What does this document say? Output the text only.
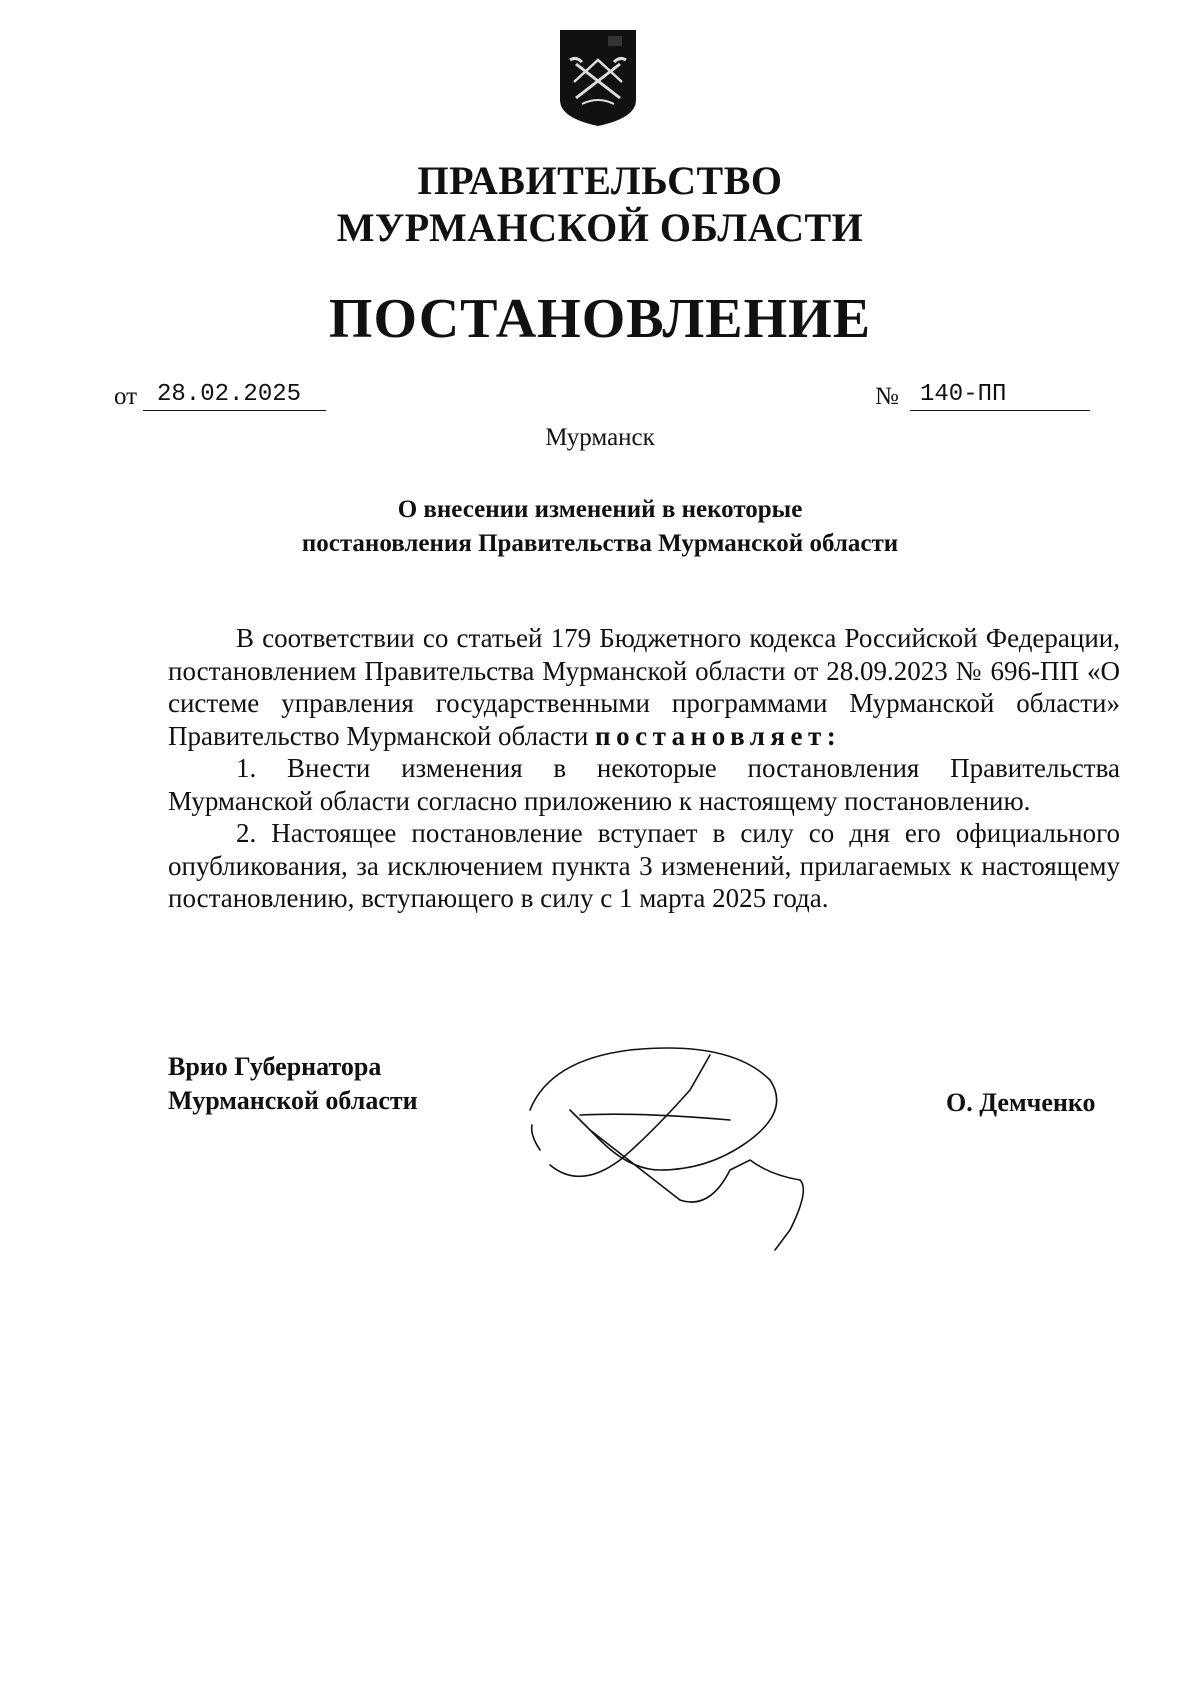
ПРАВИТЕЛЬСТВО
МУРМАНСКОЙ ОБЛАСТИ
ПОСТАНОВЛЕНИЕ
от 28.02.2025	№ 140-ПП
Мурманск
О внесении изменений в некоторые
постановления Правительства Мурманской области

В соответствии со статьей 179 Бюджетного кодекса Российской Федерации, постановлением Правительства Мурманской области от 28.09.2023 № 696-ПП «О системе управления государственными программами Мурманской области» Правительство Мурманской области постановляет:

1. Внести изменения в некоторые постановления Правительства Мурманской области согласно приложению к настоящему постановлению.

2. Настоящее постановление вступает в силу со дня его официального опубликования, за исключением пункта 3 изменений, прилагаемых к настоящему постановлению, вступающего в силу с 1 марта 2025 года.

Врио Губернатора
Мурманской области	О. Демченко
